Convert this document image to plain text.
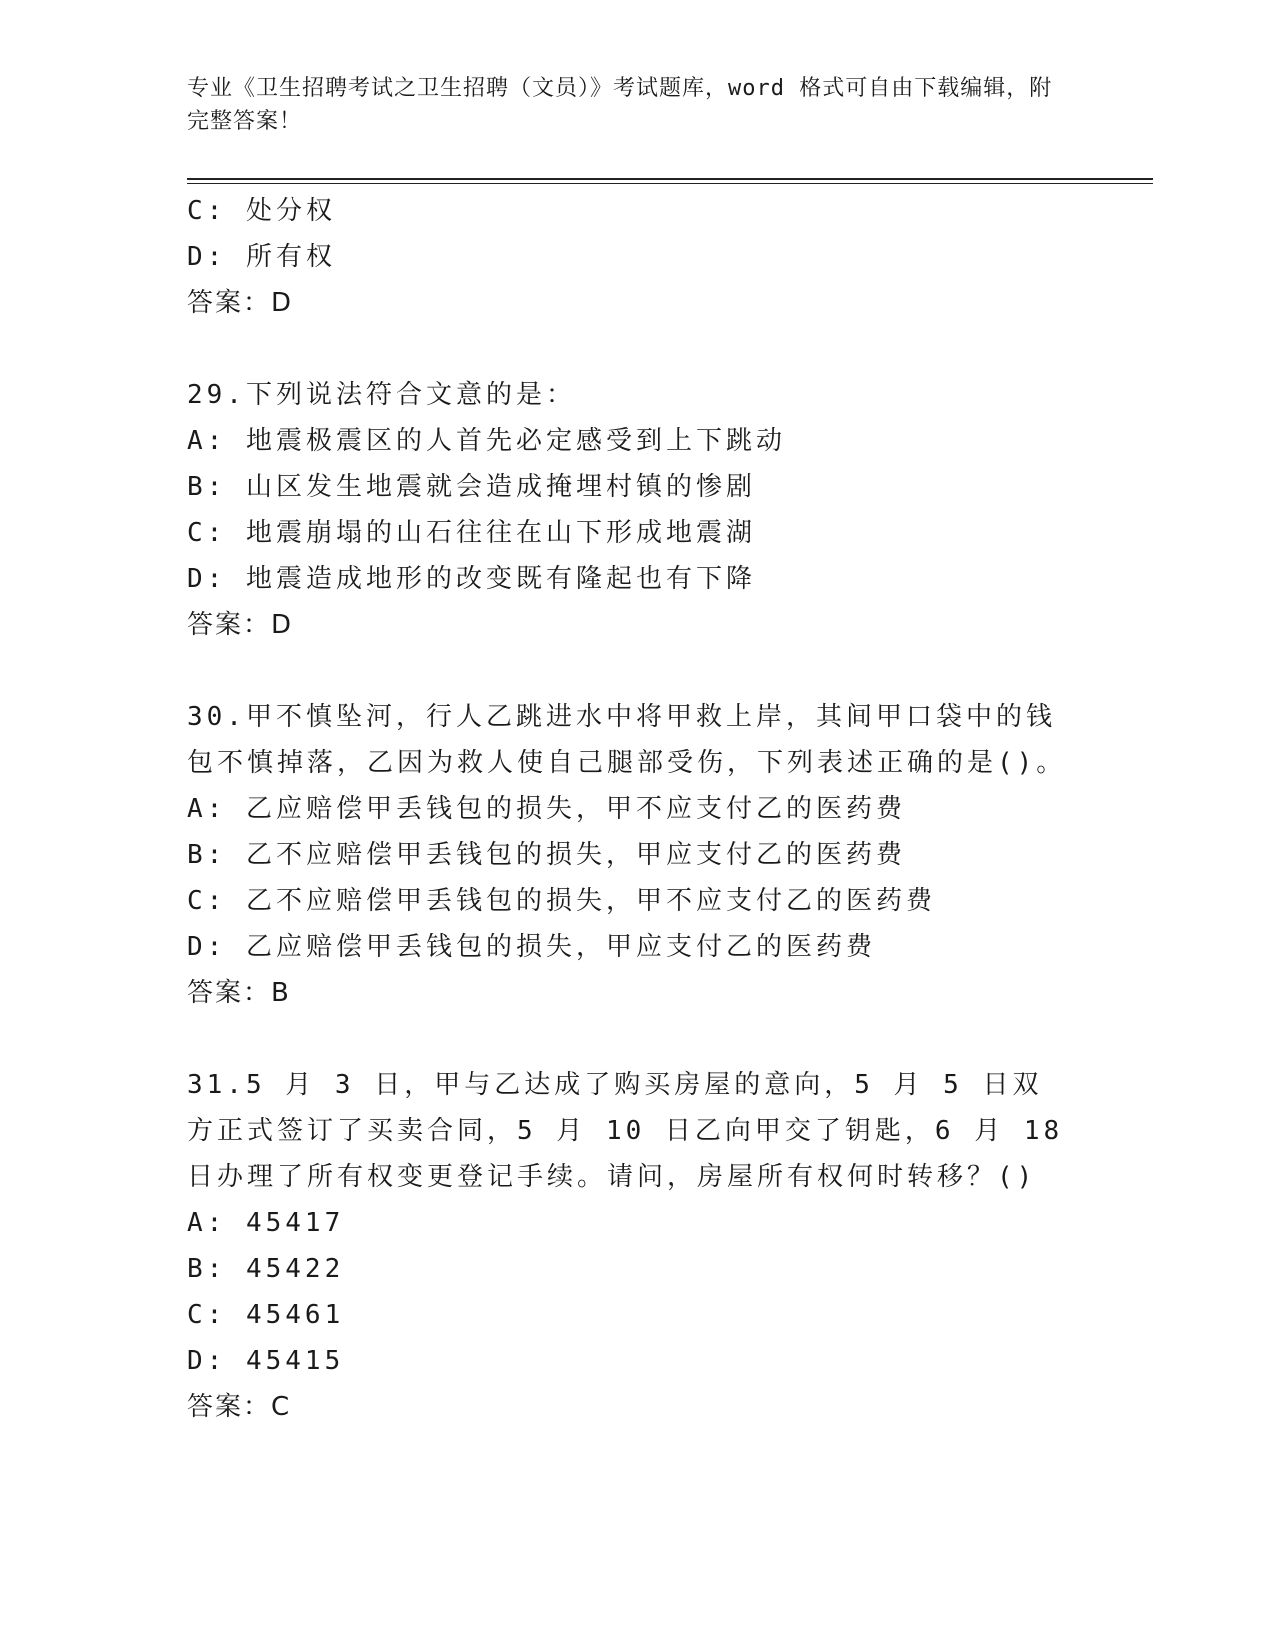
专业《卫生招聘考试之卫生招聘（文员）》考试题库，word 格式可自由下载编辑，附完整答案！
C: 处分权
D: 所有权
答案：D
29.下列说法符合文意的是：
A: 地震极震区的人首先必定感受到上下跳动
B: 山区发生地震就会造成掩埋村镇的惨剧
C: 地震崩塌的山石往往在山下形成地震湖
D: 地震造成地形的改变既有隆起也有下降
答案：D
30.甲不慎坠河，行人乙跳进水中将甲救上岸，其间甲口袋中的钱包不慎掉落，乙因为救人使自己腿部受伤，下列表述正确的是()。
A: 乙应赔偿甲丢钱包的损失，甲不应支付乙的医药费
B: 乙不应赔偿甲丢钱包的损失，甲应支付乙的医药费
C: 乙不应赔偿甲丢钱包的损失，甲不应支付乙的医药费
D: 乙应赔偿甲丢钱包的损失，甲应支付乙的医药费
答案：B
31.5 月 3 日，甲与乙达成了购买房屋的意向，5 月 5 日双方正式签订了买卖合同，5 月 10 日乙向甲交了钥匙，6 月 18 日办理了所有权变更登记手续。请问，房屋所有权何时转移？()
A: 45417
B: 45422
C: 45461
D: 45415
答案：C
